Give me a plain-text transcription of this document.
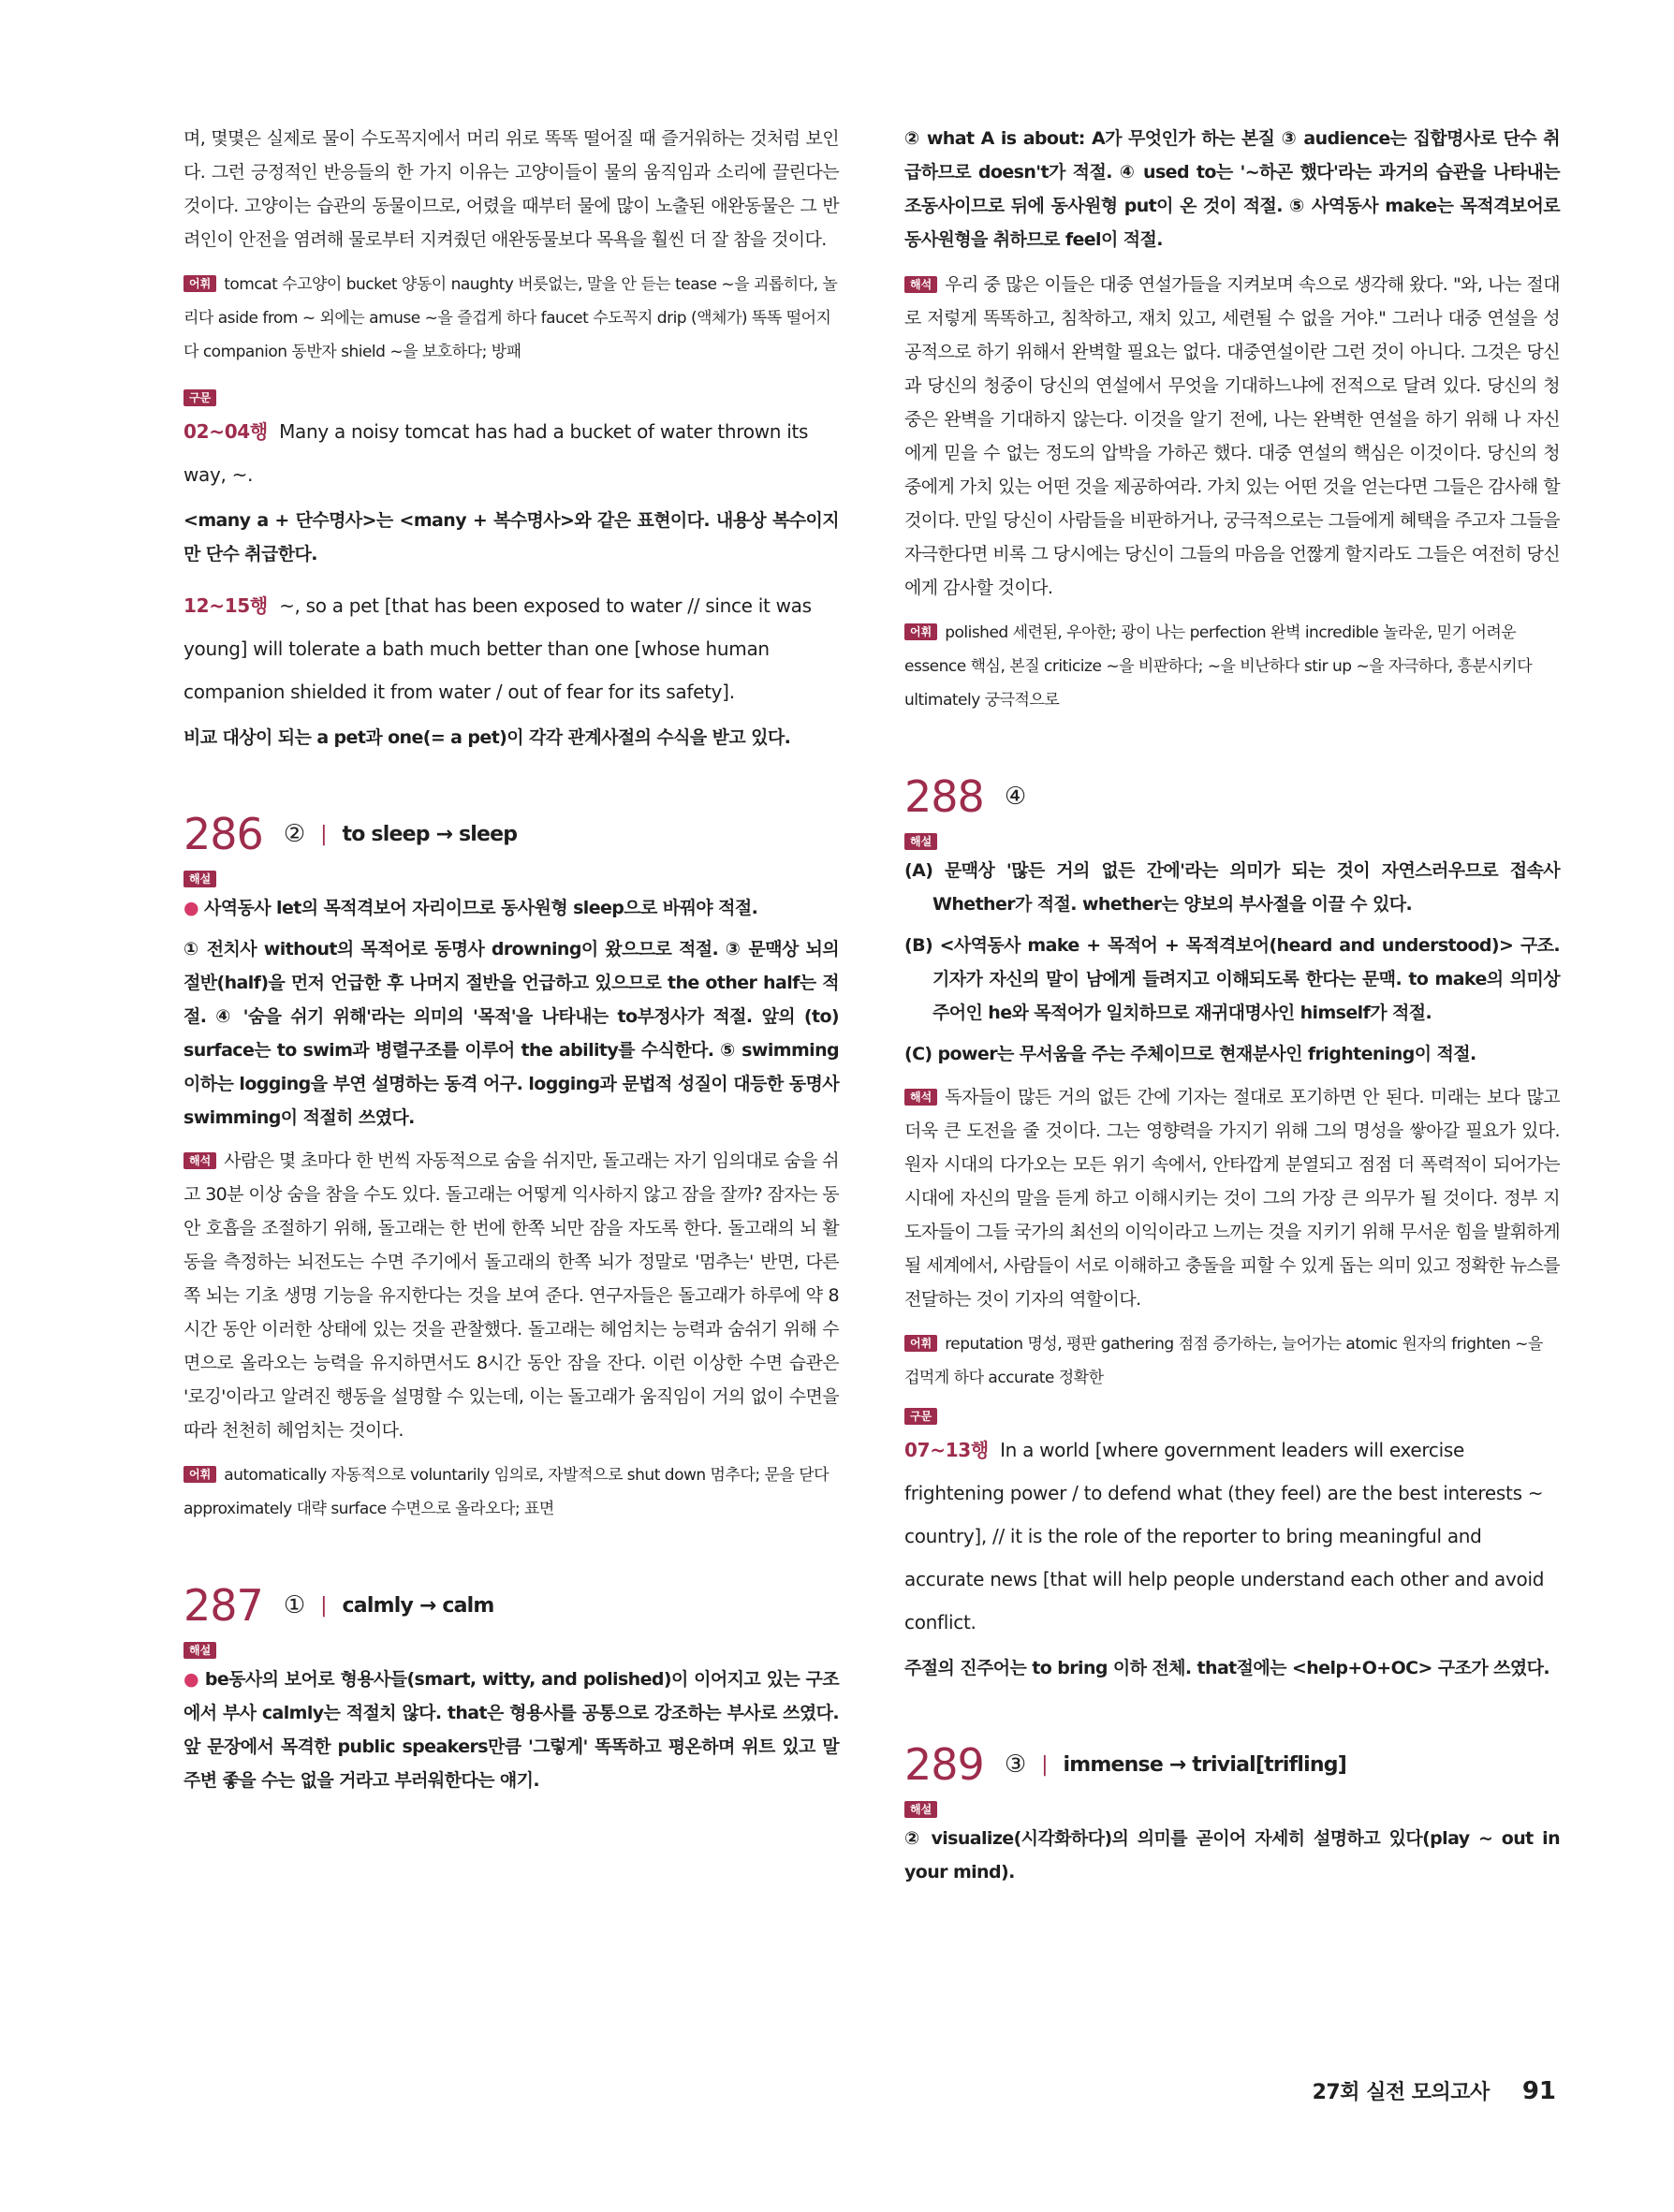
며, 몇몇은 실제로 물이 수도꼭지에서 머리 위로 똑똑 떨어질 때 즐거워하는 것처럼 보인다. 그런 긍정적인 반응들의 한 가지 이유는 고양이들이 물의 움직임과 소리에 끌린다는 것이다. 고양이는 습관의 동물이므로, 어렸을 때부터 물에 많이 노출된 애완동물은 그 반려인이 안전을 염려해 물로부터 지켜줬던 애완동물보다 목욕을 훨씬 더 잘 참을 것이다.

어휘 tomcat 수고양이 bucket 양동이 naughty 버릇없는, 말을 안 듣는 tease ~을 괴롭히다, 놀리다 aside from ~ 외에는 amuse ~을 즐겁게 하다 faucet 수도꼭지 drip (액체가) 똑똑 떨어지다 companion 동반자 shield ~을 보호하다; 방패

구문

02~04행 Many a noisy tomcat has had a bucket of water thrown its way, ~.

<many a + 단수명사>는 <many + 복수명사>와 같은 표현이다. 내용상 복수이지만 단수 취급한다.

12~15행 ~, so a pet [that has been exposed to water // since it was young] will tolerate a bath much better than one [whose human companion shielded it from water / out of fear for its safety].

비교 대상이 되는 a pet과 one(= a pet)이 각각 관계사절의 수식을 받고 있다.

286 ② | to sleep → sleep
해설

● 사역동사 let의 목적격보어 자리이므로 동사원형 sleep으로 바꿔야 적절.

① 전치사 without의 목적어로 동명사 drowning이 왔으므로 적절. ③ 문맥상 뇌의 절반(half)을 먼저 언급한 후 나머지 절반을 언급하고 있으므로 the other half는 적절. ④ '숨을 쉬기 위해'라는 의미의 '목적'을 나타내는 to부정사가 적절. 앞의 (to) surface는 to swim과 병렬구조를 이루어 the ability를 수식한다. ⑤ swimming 이하는 logging을 부연 설명하는 동격 어구. logging과 문법적 성질이 대등한 동명사 swimming이 적절히 쓰였다.

해석 사람은 몇 초마다 한 번씩 자동적으로 숨을 쉬지만, 돌고래는 자기 임의대로 숨을 쉬고 30분 이상 숨을 참을 수도 있다. 돌고래는 어떻게 익사하지 않고 잠을 잘까? 잠자는 동안 호흡을 조절하기 위해, 돌고래는 한 번에 한쪽 뇌만 잠을 자도록 한다. 돌고래의 뇌 활동을 측정하는 뇌전도는 수면 주기에서 돌고래의 한쪽 뇌가 정말로 '멈추는' 반면, 다른 쪽 뇌는 기초 생명 기능을 유지한다는 것을 보여 준다. 연구자들은 돌고래가 하루에 약 8시간 동안 이러한 상태에 있는 것을 관찰했다. 돌고래는 헤엄치는 능력과 숨쉬기 위해 수면으로 올라오는 능력을 유지하면서도 8시간 동안 잠을 잔다. 이런 이상한 수면 습관은 '로깅'이라고 알려진 행동을 설명할 수 있는데, 이는 돌고래가 움직임이 거의 없이 수면을 따라 천천히 헤엄치는 것이다.

어휘 automatically 자동적으로 voluntarily 임의로, 자발적으로 shut down 멈추다; 문을 닫다 approximately 대략 surface 수면으로 올라오다; 표면

287 ① | calmly → calm
해설

● be동사의 보어로 형용사들(smart, witty, and polished)이 이어지고 있는 구조에서 부사 calmly는 적절치 않다. that은 형용사를 공통으로 강조하는 부사로 쓰였다. 앞 문장에서 목격한 public speakers만큼 '그렇게' 똑똑하고 평온하며 위트 있고 말주변 좋을 수는 없을 거라고 부러워한다는 얘기.

② what A is about: A가 무엇인가 하는 본질 ③ audience는 집합명사로 단수 취급하므로 doesn't가 적절. ④ used to는 '~하곤 했다'라는 과거의 습관을 나타내는 조동사이므로 뒤에 동사원형 put이 온 것이 적절. ⑤ 사역동사 make는 목적격보어로 동사원형을 취하므로 feel이 적절.

해석 우리 중 많은 이들은 대중 연설가들을 지켜보며 속으로 생각해 왔다. "와, 나는 절대로 저렇게 똑똑하고, 침착하고, 재치 있고, 세련될 수 없을 거야." 그러나 대중 연설을 성공적으로 하기 위해서 완벽할 필요는 없다. 대중연설이란 그런 것이 아니다. 그것은 당신과 당신의 청중이 당신의 연설에서 무엇을 기대하느냐에 전적으로 달려 있다. 당신의 청중은 완벽을 기대하지 않는다. 이것을 알기 전에, 나는 완벽한 연설을 하기 위해 나 자신에게 믿을 수 없는 정도의 압박을 가하곤 했다. 대중 연설의 핵심은 이것이다. 당신의 청중에게 가치 있는 어떤 것을 제공하여라. 가치 있는 어떤 것을 얻는다면 그들은 감사해 할 것이다. 만일 당신이 사람들을 비판하거나, 궁극적으로는 그들에게 혜택을 주고자 그들을 자극한다면 비록 그 당시에는 당신이 그들의 마음을 언짢게 할지라도 그들은 여전히 당신에게 감사할 것이다.

어휘 polished 세련된, 우아한; 광이 나는 perfection 완벽 incredible 놀라운, 믿기 어려운 essence 핵심, 본질 criticize ~을 비판하다; ~을 비난하다 stir up ~을 자극하다, 흥분시키다 ultimately 궁극적으로

288 ④
해설

(A) 문맥상 '많든 거의 없든 간에'라는 의미가 되는 것이 자연스러우므로 접속사 Whether가 적절. whether는 양보의 부사절을 이끌 수 있다.

(B) <사역동사 make + 목적어 + 목적격보어(heard and understood)> 구조. 기자가 자신의 말이 남에게 들려지고 이해되도록 한다는 문맥. to make의 의미상 주어인 he와 목적어가 일치하므로 재귀대명사인 himself가 적절.

(C) power는 무서움을 주는 주체이므로 현재분사인 frightening이 적절.

해석 독자들이 많든 거의 없든 간에 기자는 절대로 포기하면 안 된다. 미래는 보다 많고 더욱 큰 도전을 줄 것이다. 그는 영향력을 가지기 위해 그의 명성을 쌓아갈 필요가 있다. 원자 시대의 다가오는 모든 위기 속에서, 안타깝게 분열되고 점점 더 폭력적이 되어가는 시대에 자신의 말을 듣게 하고 이해시키는 것이 그의 가장 큰 의무가 될 것이다. 정부 지도자들이 그들 국가의 최선의 이익이라고 느끼는 것을 지키기 위해 무서운 힘을 발휘하게 될 세계에서, 사람들이 서로 이해하고 충돌을 피할 수 있게 돕는 의미 있고 정확한 뉴스를 전달하는 것이 기자의 역할이다.

어휘 reputation 명성, 평판 gathering 점점 증가하는, 늘어가는 atomic 원자의 frighten ~을 겁먹게 하다 accurate 정확한

구문

07~13행 In a world [where government leaders will exercise frightening power / to defend what (they feel) are the best interests ~ country], // it is the role of the reporter to bring meaningful and accurate news [that will help people understand each other and avoid conflict.

주절의 진주어는 to bring 이하 전체. that절에는 <help+O+OC> 구조가 쓰였다.

289 ③ | immense → trivial[trifling]
해설

② visualize(시각화하다)의 의미를 곧이어 자세히 설명하고 있다(play ~ out in your mind).

27회 실전 모의고사 91
